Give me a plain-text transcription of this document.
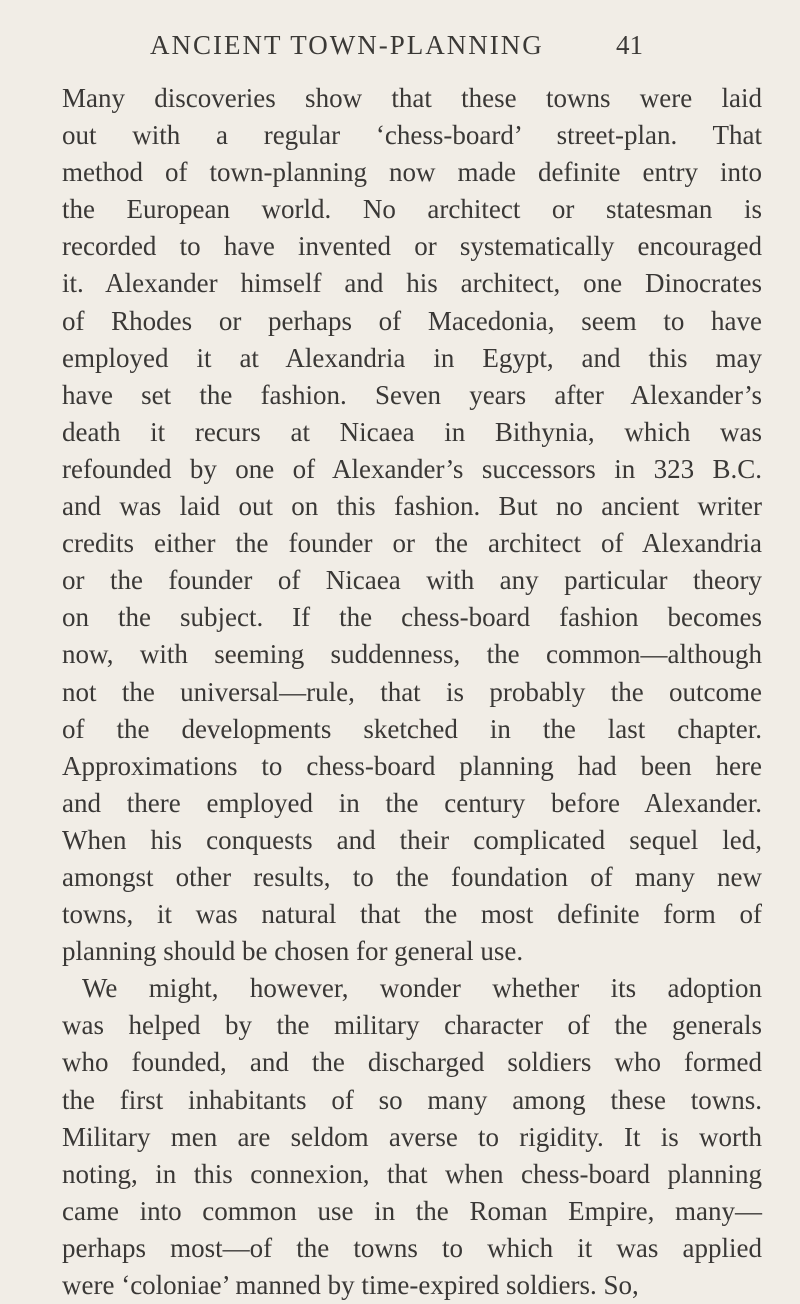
ANCIENT TOWN-PLANNING	41
Many discoveries show that these towns were laid
out with a regular ‘chess-board’ street-plan. That
method of town-planning now made definite entry into
the European world. No architect or statesman is
recorded to have invented or systematically encouraged
it. Alexander himself and his architect, one Dinocrates
of Rhodes or perhaps of Macedonia, seem to have
employed it at Alexandria in Egypt, and this may
have set the fashion. Seven years after Alexander’s
death it recurs at Nicaea in Bithynia, which was
refounded by one of Alexander’s successors in 323 B.C.
and was laid out on this fashion. But no ancient writer
credits either the founder or the architect of Alexandria
or the founder of Nicaea with any particular theory
on the subject. If the chess-board fashion becomes
now, with seeming suddenness, the common—although
not the universal—rule, that is probably the outcome
of the developments sketched in the last chapter.
Approximations to chess-board planning had been here
and there employed in the century before Alexander.
When his conquests and their complicated sequel led,
amongst other results, to the foundation of many new
towns, it was natural that the most definite form of
planning should be chosen for general use.
We might, however, wonder whether its adoption
was helped by the military character of the generals
who founded, and the discharged soldiers who formed
the first inhabitants of so many among these towns.
Military men are seldom averse to rigidity. It is worth
noting, in this connexion, that when chess-board planning
came into common use in the Roman Empire, many—
perhaps most—of the towns to which it was applied
were ‘coloniae’ manned by time-expired soldiers. So,
